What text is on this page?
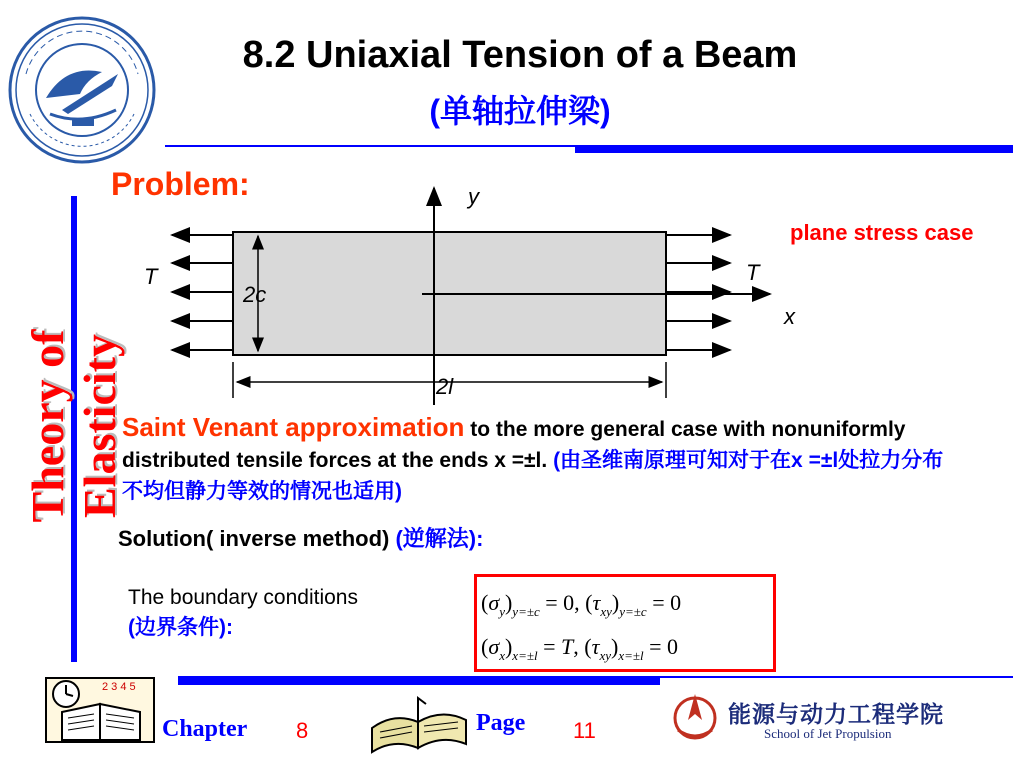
8.2 Uniaxial Tension of a Beam
(单轴拉伸梁)
Theory of Elasticity
Problem:
plane stress case
y
x
T	T
2c
2l
Saint Venant approximation to the more general case with nonuniformly distributed tensile forces at the ends x =±l. (由圣维南原理可知对于在x =±l处拉力分布不均但静力等效的情况也适用)
Solution( inverse method) (逆解法):
The boundary conditions
(边界条件):
$(\sigma_y)_{y=\pm c} = 0$, $(\tau_{xy})_{y=\pm c} = 0$
$(\sigma_x)_{x=\pm l} = T$, $(\tau_{xy})_{x=\pm l} = 0$
2 3 4 5
Chapter 8	Page 11
能源与动力工程学院
School of Jet Propulsion
